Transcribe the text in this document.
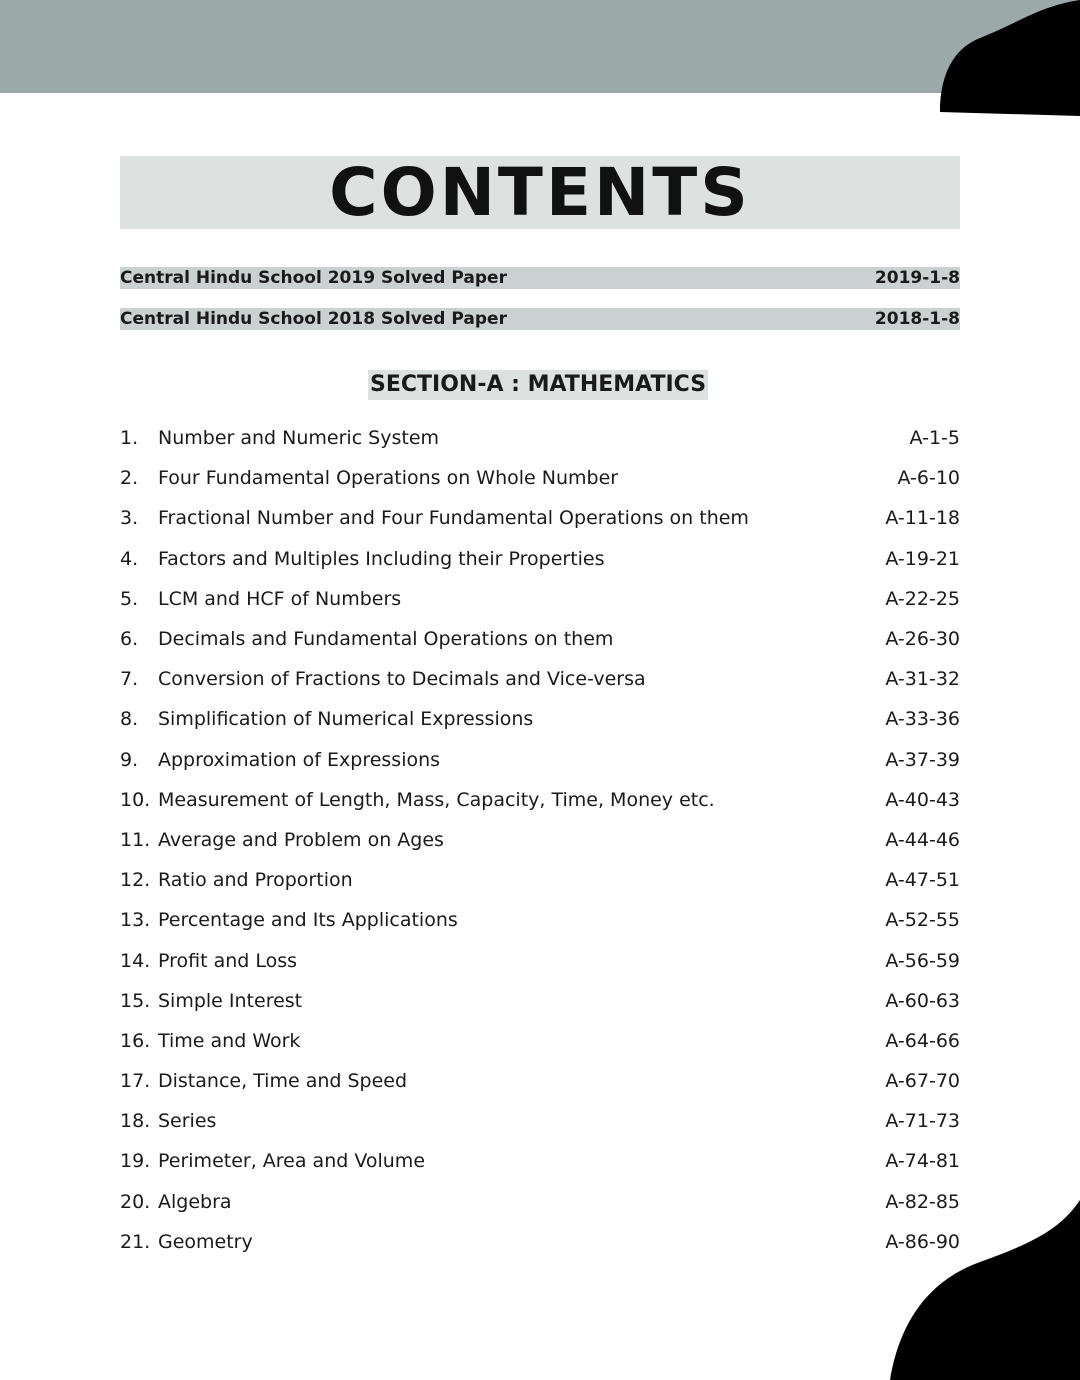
CONTENTS
Central Hindu School 2019 Solved Paper	2019-1-8
Central Hindu School 2018 Solved Paper	2018-1-8
SECTION-A : MATHEMATICS
1.	Number and Numeric System	A-1-5
2.	Four Fundamental Operations on Whole Number	A-6-10
3.	Fractional Number and Four Fundamental Operations on them	A-11-18
4.	Factors and Multiples Including their Properties	A-19-21
5.	LCM and HCF of Numbers	A-22-25
6.	Decimals and Fundamental Operations on them	A-26-30
7.	Conversion of Fractions to Decimals and Vice-versa	A-31-32
8.	Simplification of Numerical Expressions	A-33-36
9.	Approximation of Expressions	A-37-39
10. Measurement of Length, Mass, Capacity, Time, Money etc.	A-40-43
11. Average and Problem on Ages	A-44-46
12. Ratio and Proportion	A-47-51
13. Percentage and Its Applications	A-52-55
14. Profit and Loss	A-56-59
15. Simple Interest	A-60-63
16. Time and Work	A-64-66
17. Distance, Time and Speed	A-67-70
18. Series	A-71-73
19. Perimeter, Area and Volume	A-74-81
20. Algebra	A-82-85
21. Geometry	A-86-90
